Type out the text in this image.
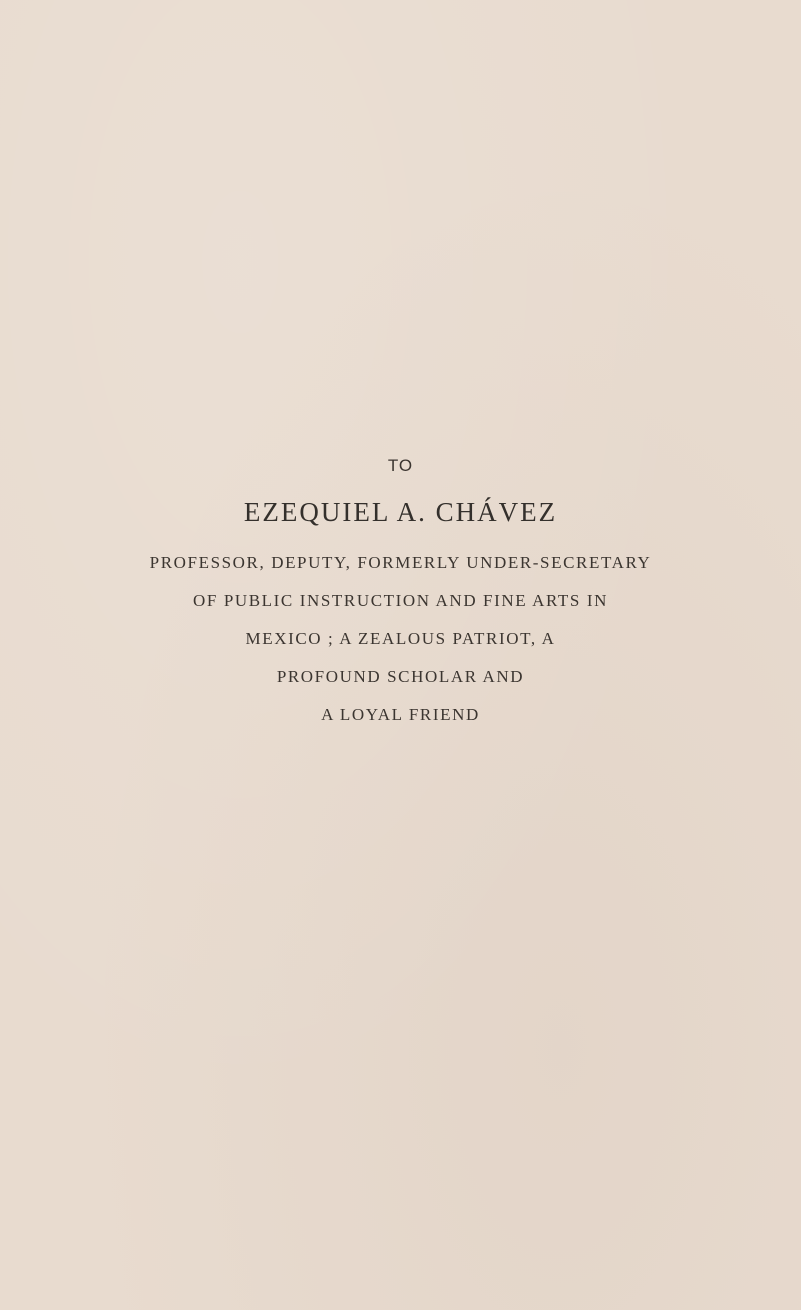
TO
EZEQUIEL A. CHÁVEZ
PROFESSOR, DEPUTY, FORMERLY UNDER-SECRETARY
OF PUBLIC INSTRUCTION AND FINE ARTS IN
MEXICO ; A ZEALOUS PATRIOT, A
PROFOUND SCHOLAR AND
A LOYAL FRIEND
